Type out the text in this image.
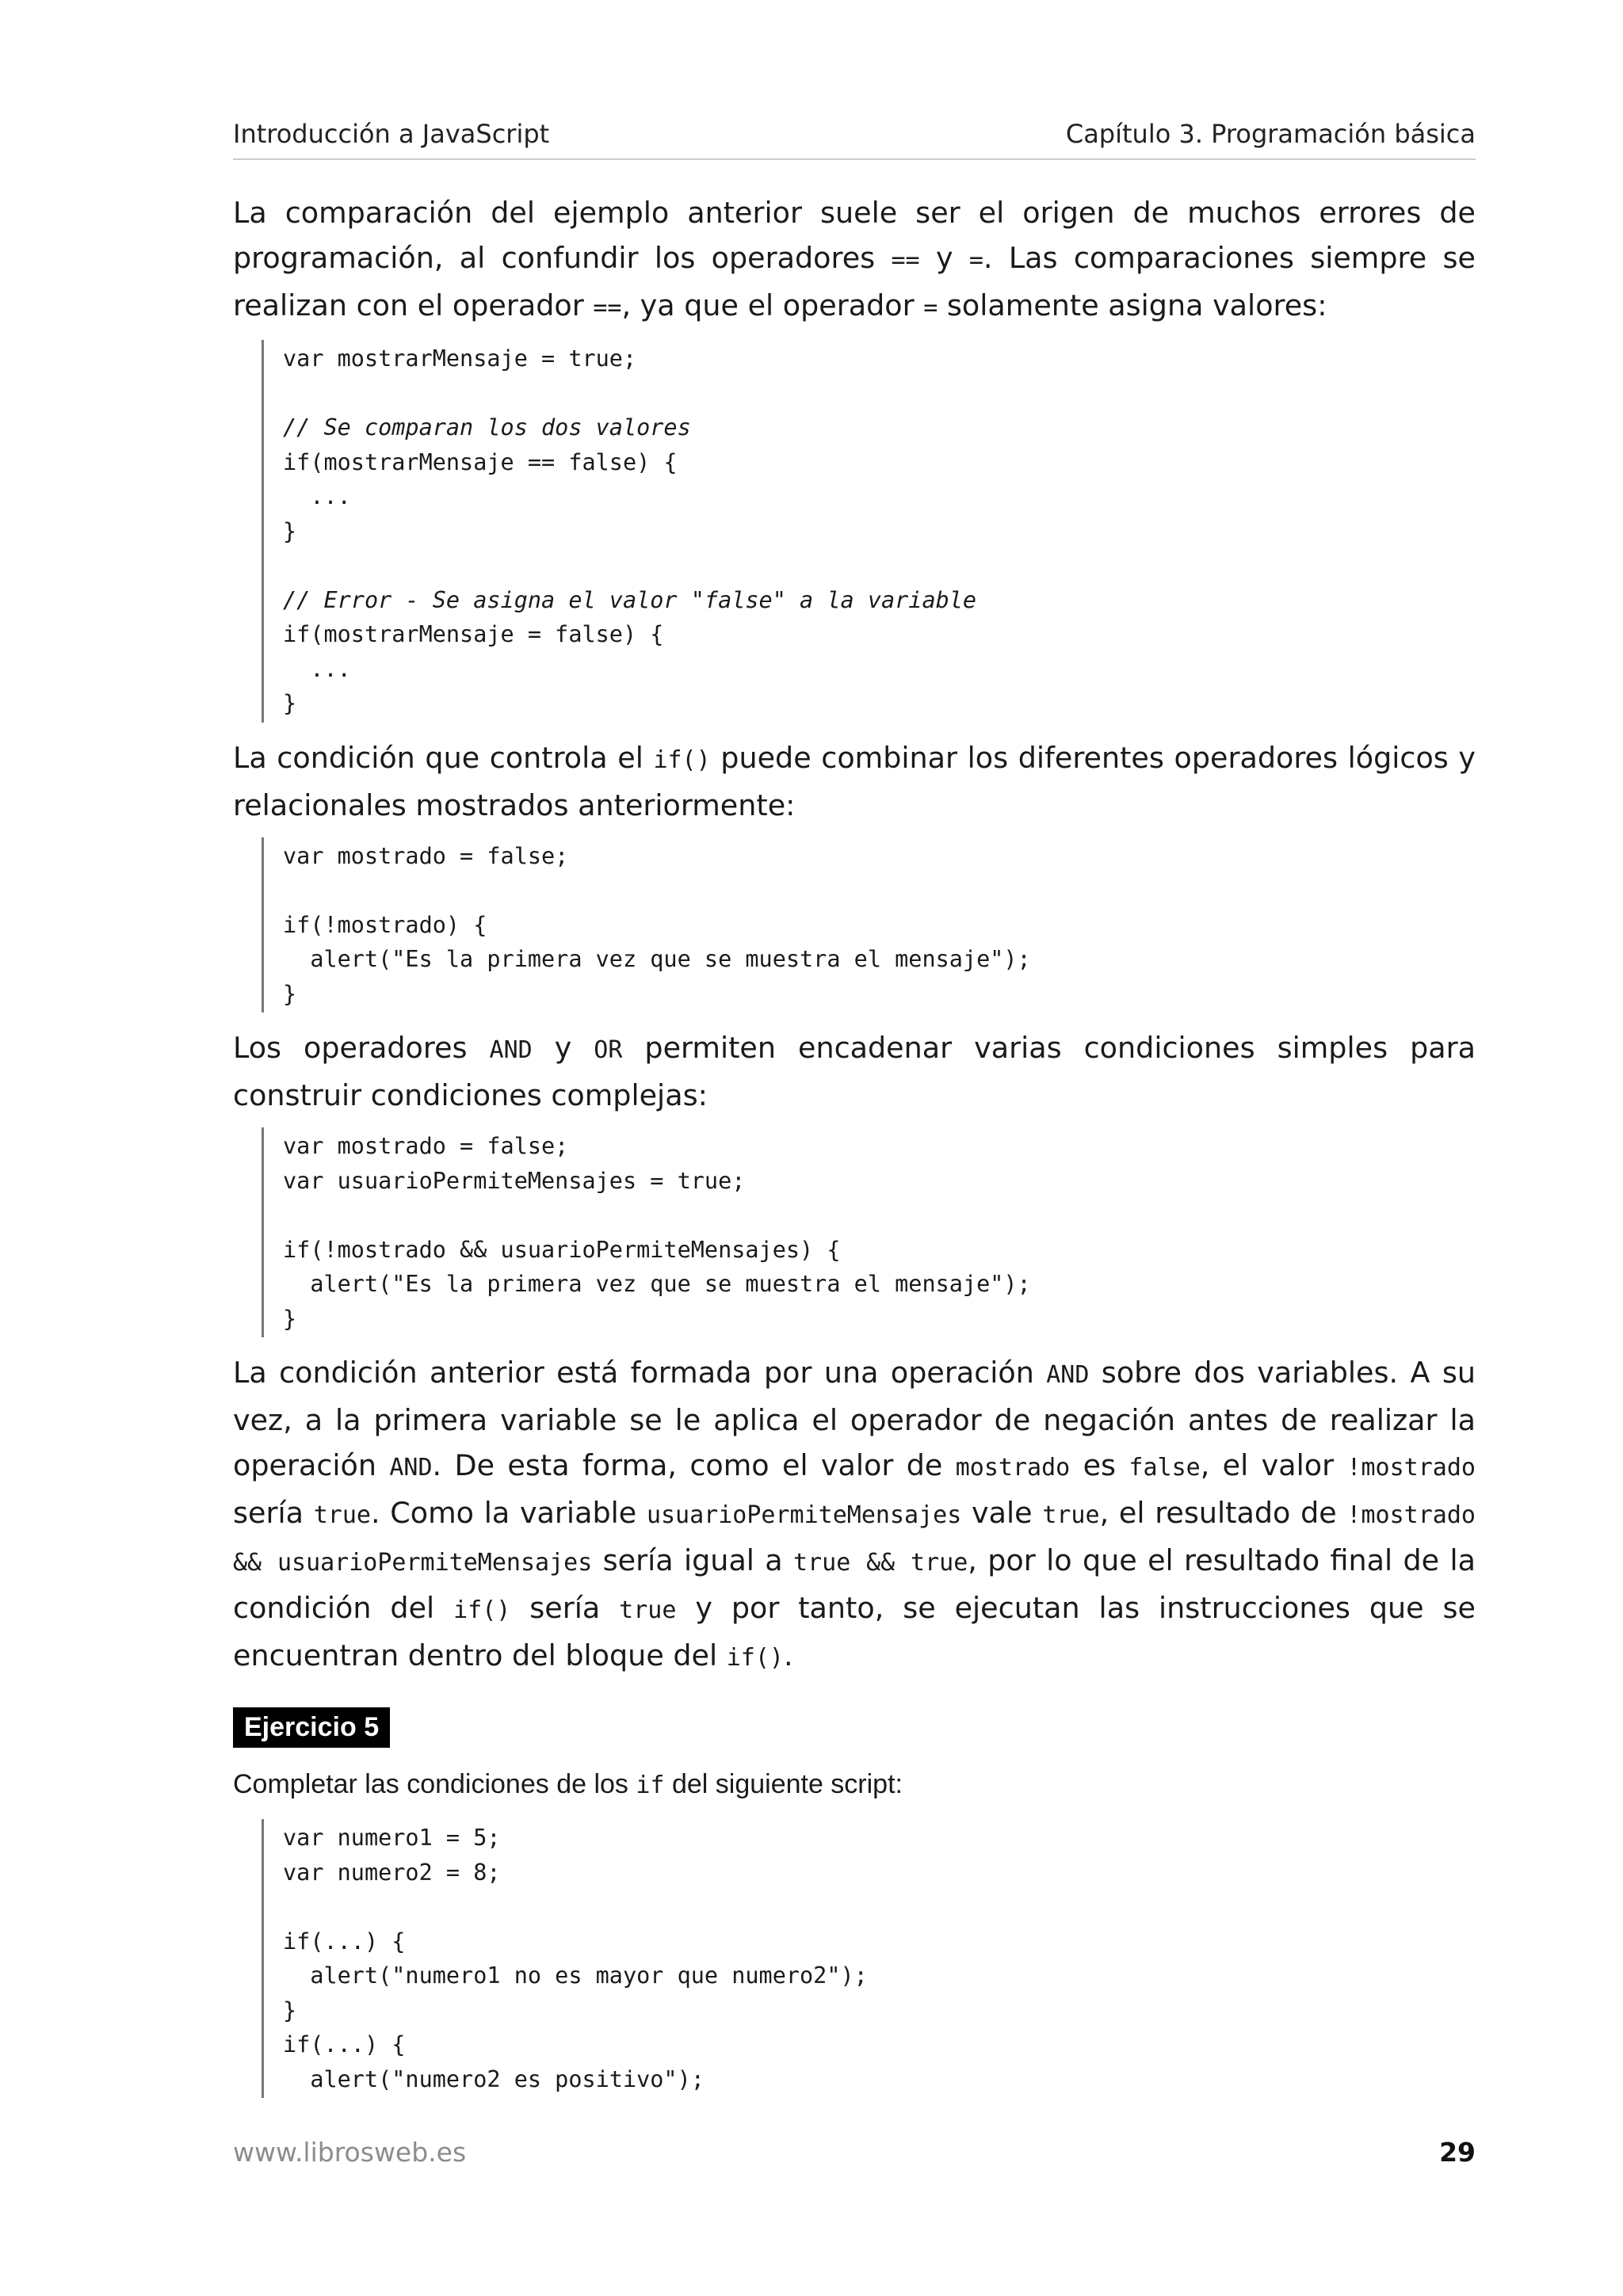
Introducción a JavaScript	Capítulo 3. Programación básica

La comparación del ejemplo anterior suele ser el origen de muchos errores de programación, al confundir los operadores == y =. Las comparaciones siempre se realizan con el operador ==, ya que el operador = solamente asigna valores:

var mostrarMensaje = true;
// Se comparan los dos valores
if(mostrarMensaje == false) {
...
}
// Error - Se asigna el valor "false" a la variable
if(mostrarMensaje = false) {
...
}

La condición que controla el if() puede combinar los diferentes operadores lógicos y relacionales mostrados anteriormente:

var mostrado = false;
if(!mostrado) {
alert("Es la primera vez que se muestra el mensaje");
}

Los operadores AND y OR permiten encadenar varias condiciones simples para construir condiciones complejas:

var mostrado = false;
var usuarioPermiteMensajes = true;
if(!mostrado && usuarioPermiteMensajes) {
alert("Es la primera vez que se muestra el mensaje");
}

La condición anterior está formada por una operación AND sobre dos variables. A su vez, a la primera variable se le aplica el operador de negación antes de realizar la operación AND. De esta forma, como el valor de mostrado es false, el valor !mostrado sería true. Como la variable usuarioPermiteMensajes vale true, el resultado de !mostrado && usuarioPermiteMensajes sería igual a true && true, por lo que el resultado final de la condición del if() sería true y por tanto, se ejecutan las instrucciones que se encuentran dentro del bloque del if().

Ejercicio 5

Completar las condiciones de los if del siguiente script:

var numero1 = 5;
var numero2 = 8;
if(...) {
alert("numero1 no es mayor que numero2");
}
if(...) {
alert("numero2 es positivo");
www.librosweb.es	29
